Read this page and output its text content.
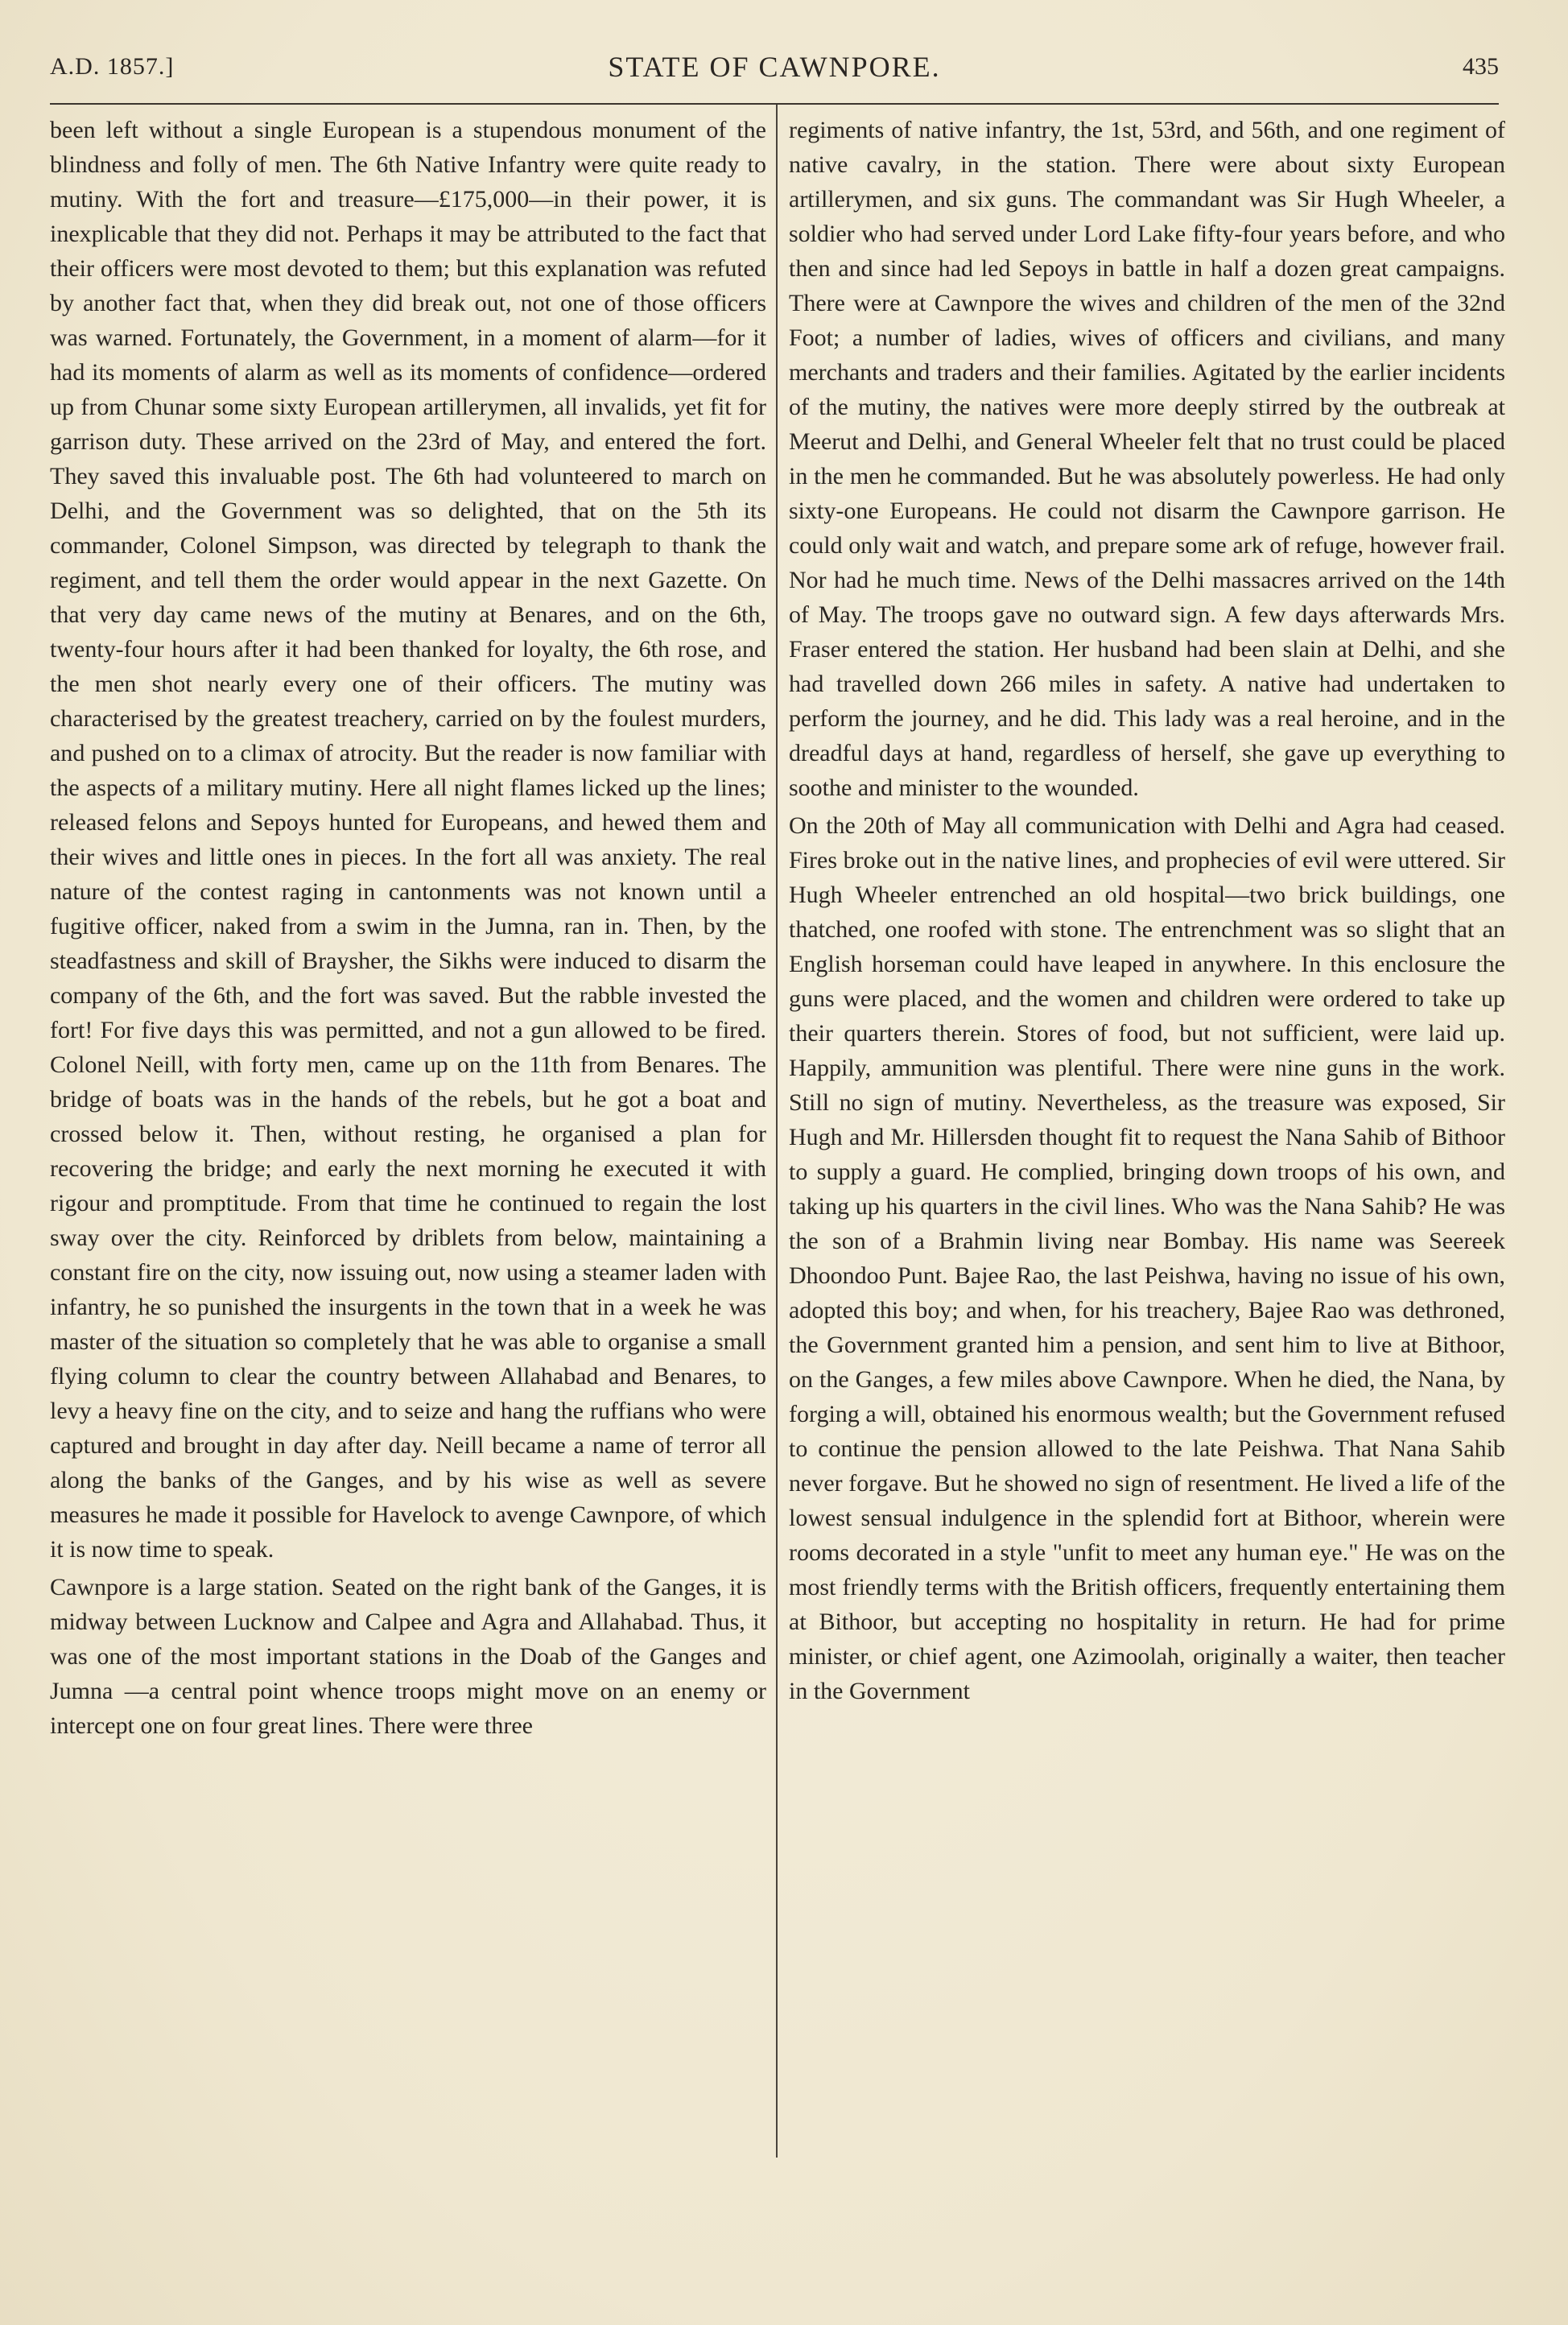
A.D. 1857.]	STATE OF CAWNPORE.	435

been left without a single European is a stupendous monument of the blindness and folly of men. The 6th Native Infantry were quite ready to mutiny. With the fort and treasure—£175,000—in their power, it is inexplicable that they did not. Perhaps it may be attributed to the fact that their officers were most devoted to them; but this explanation was refuted by another fact that, when they did break out, not one of those officers was warned. Fortunately, the Government, in a moment of alarm—for it had its moments of alarm as well as its moments of confidence—ordered up from Chunar some sixty European artillerymen, all invalids, yet fit for garrison duty. These arrived on the 23rd of May, and entered the fort. They saved this invaluable post. The 6th had volunteered to march on Delhi, and the Government was so delighted, that on the 5th its commander, Colonel Simpson, was directed by telegraph to thank the regiment, and tell them the order would appear in the next Gazette. On that very day came news of the mutiny at Benares, and on the 6th, twenty-four hours after it had been thanked for loyalty, the 6th rose, and the men shot nearly every one of their officers. The mutiny was characterised by the greatest treachery, carried on by the foulest murders, and pushed on to a climax of atrocity. But the reader is now familiar with the aspects of a military mutiny. Here all night flames licked up the lines; released felons and Sepoys hunted for Europeans, and hewed them and their wives and little ones in pieces. In the fort all was anxiety. The real nature of the contest raging in cantonments was not known until a fugitive officer, naked from a swim in the Jumna, ran in. Then, by the steadfastness and skill of Braysher, the Sikhs were induced to disarm the company of the 6th, and the fort was saved. But the rabble invested the fort! For five days this was permitted, and not a gun allowed to be fired. Colonel Neill, with forty men, came up on the 11th from Benares. The bridge of boats was in the hands of the rebels, but he got a boat and crossed below it. Then, without resting, he organised a plan for recovering the bridge; and early the next morning he executed it with rigour and promptitude. From that time he continued to regain the lost sway over the city. Reinforced by driblets from below, maintaining a constant fire on the city, now issuing out, now using a steamer laden with infantry, he so punished the insurgents in the town that in a week he was master of the situation so completely that he was able to organise a small flying column to clear the country between Allahabad and Benares, to levy a heavy fine on the city, and to seize and hang the ruffians who were captured and brought in day after day. Neill became a name of terror all along the banks of the Ganges, and by his wise as well as severe measures he made it possible for Havelock to avenge Cawnpore, of which it is now time to speak.

Cawnpore is a large station. Seated on the right bank of the Ganges, it is midway between Lucknow and Calpee and Agra and Allahabad. Thus, it was one of the most important stations in the Doab of the Ganges and Jumna —a central point whence troops might move on an enemy or intercept one on four great lines. There were three

regiments of native infantry, the 1st, 53rd, and 56th, and one regiment of native cavalry, in the station. There were about sixty European artillerymen, and six guns. The commandant was Sir Hugh Wheeler, a soldier who had served under Lord Lake fifty-four years before, and who then and since had led Sepoys in battle in half a dozen great campaigns. There were at Cawnpore the wives and children of the men of the 32nd Foot; a number of ladies, wives of officers and civilians, and many merchants and traders and their families. Agitated by the earlier incidents of the mutiny, the natives were more deeply stirred by the outbreak at Meerut and Delhi, and General Wheeler felt that no trust could be placed in the men he commanded. But he was absolutely powerless. He had only sixty-one Europeans. He could not disarm the Cawnpore garrison. He could only wait and watch, and prepare some ark of refuge, however frail. Nor had he much time. News of the Delhi massacres arrived on the 14th of May. The troops gave no outward sign. A few days afterwards Mrs. Fraser entered the station. Her husband had been slain at Delhi, and she had travelled down 266 miles in safety. A native had undertaken to perform the journey, and he did. This lady was a real heroine, and in the dreadful days at hand, regardless of herself, she gave up everything to soothe and minister to the wounded.

On the 20th of May all communication with Delhi and Agra had ceased. Fires broke out in the native lines, and prophecies of evil were uttered. Sir Hugh Wheeler entrenched an old hospital—two brick buildings, one thatched, one roofed with stone. The entrenchment was so slight that an English horseman could have leaped in anywhere. In this enclosure the guns were placed, and the women and children were ordered to take up their quarters therein. Stores of food, but not sufficient, were laid up. Happily, ammunition was plentiful. There were nine guns in the work. Still no sign of mutiny. Nevertheless, as the treasure was exposed, Sir Hugh and Mr. Hillersden thought fit to request the Nana Sahib of Bithoor to supply a guard. He complied, bringing down troops of his own, and taking up his quarters in the civil lines. Who was the Nana Sahib? He was the son of a Brahmin living near Bombay. His name was Seereek Dhoondoo Punt. Bajee Rao, the last Peishwa, having no issue of his own, adopted this boy; and when, for his treachery, Bajee Rao was dethroned, the Government granted him a pension, and sent him to live at Bithoor, on the Ganges, a few miles above Cawnpore. When he died, the Nana, by forging a will, obtained his enormous wealth; but the Government refused to continue the pension allowed to the late Peishwa. That Nana Sahib never forgave. But he showed no sign of resentment. He lived a life of the lowest sensual indulgence in the splendid fort at Bithoor, wherein were rooms decorated in a style "unfit to meet any human eye." He was on the most friendly terms with the British officers, frequently entertaining them at Bithoor, but accepting no hospitality in return. He had for prime minister, or chief agent, one Azimoolah, originally a waiter, then teacher in the Government
